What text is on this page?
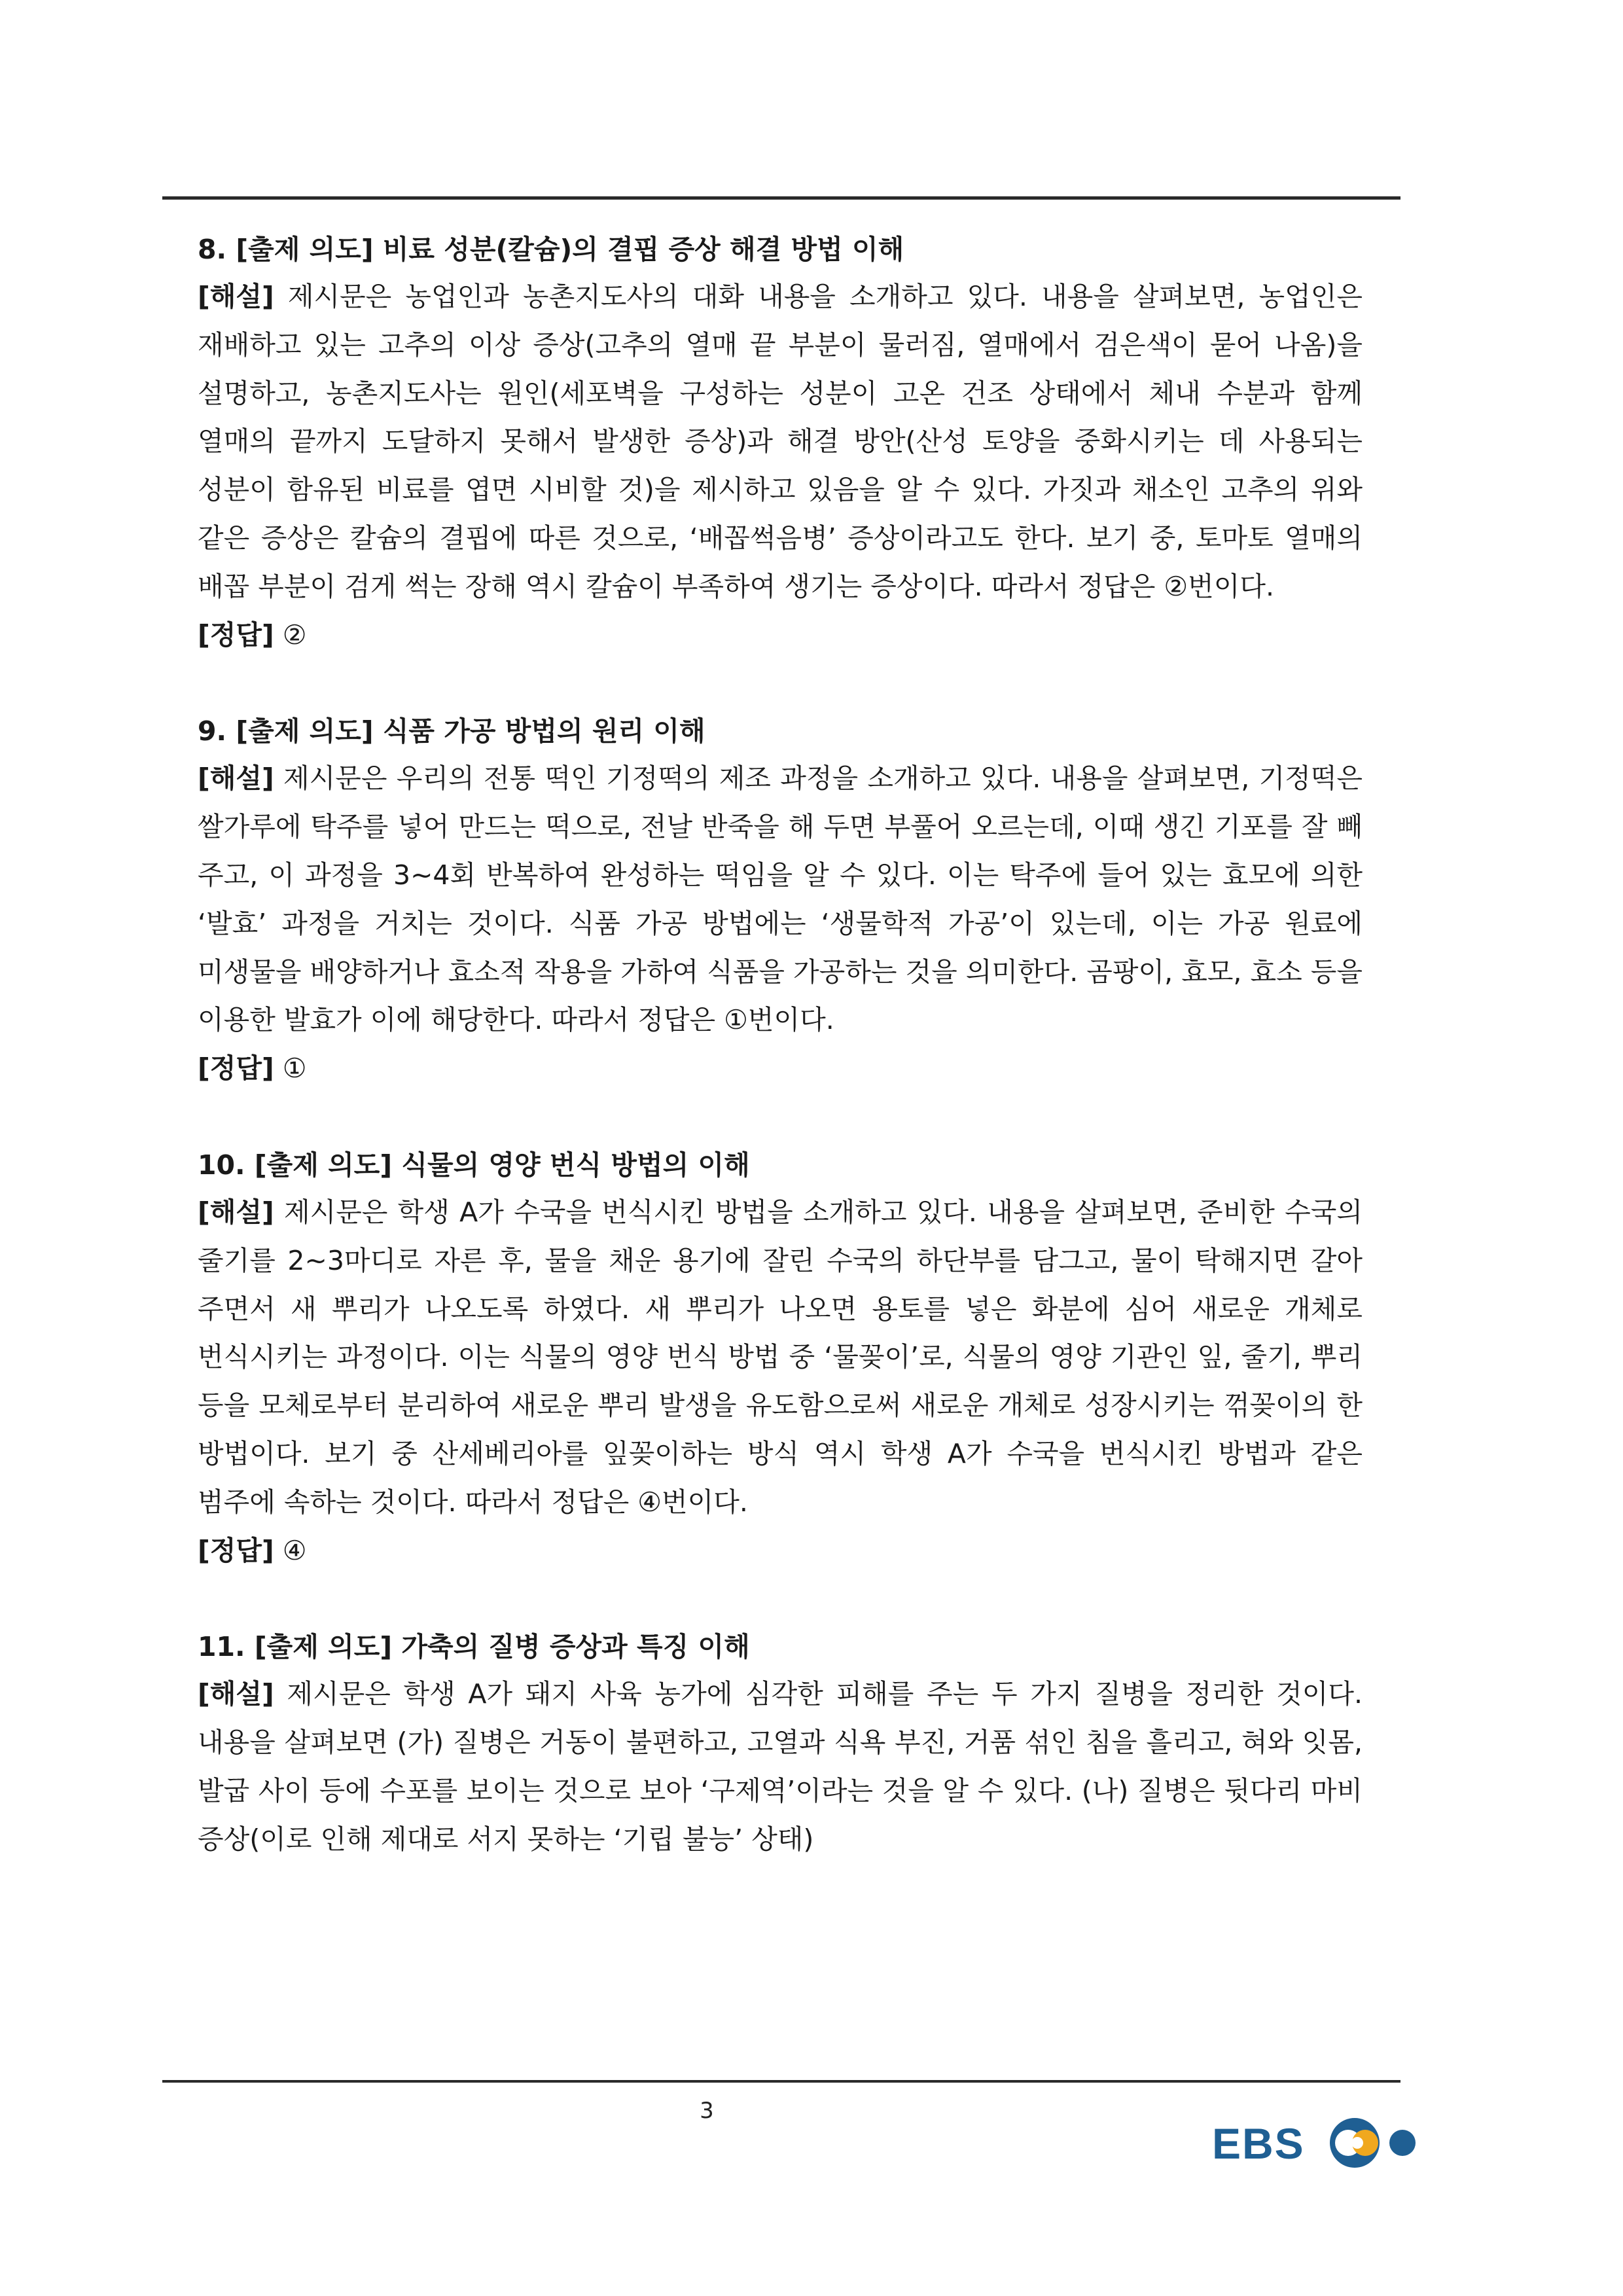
8. [출제 의도] 비료 성분(칼슘)의 결핍 증상 해결 방법 이해
[해설] 제시문은 농업인과 농촌지도사의 대화 내용을 소개하고 있다. 내용을 살펴보면, 농업인은 재배하고 있는 고추의 이상 증상(고추의 열매 끝 부분이 물러짐, 열매에서 검은색이 묻어 나옴)을 설명하고, 농촌지도사는 원인(세포벽을 구성하는 성분이 고온 건조 상태에서 체내 수분과 함께 열매의 끝까지 도달하지 못해서 발생한 증상)과 해결 방안(산성 토양을 중화시키는 데 사용되는 성분이 함유된 비료를 엽면 시비할 것)을 제시하고 있음을 알 수 있다. 가짓과 채소인 고추의 위와 같은 증상은 칼슘의 결핍에 따른 것으로, ‘배꼽썩음병’ 증상이라고도 한다. 보기 중, 토마토 열매의 배꼽 부분이 검게 썩는 장해 역시 칼슘이 부족하여 생기는 증상이다. 따라서 정답은 ②번이다.
[정답] ②
9. [출제 의도] 식품 가공 방법의 원리 이해
[해설] 제시문은 우리의 전통 떡인 기정떡의 제조 과정을 소개하고 있다. 내용을 살펴보면, 기정떡은 쌀가루에 탁주를 넣어 만드는 떡으로, 전날 반죽을 해 두면 부풀어 오르는데, 이때 생긴 기포를 잘 빼 주고, 이 과정을 3~4회 반복하여 완성하는 떡임을 알 수 있다. 이는 탁주에 들어 있는 효모에 의한 ‘발효’ 과정을 거치는 것이다. 식품 가공 방법에는 ‘생물학적 가공’이 있는데, 이는 가공 원료에 미생물을 배양하거나 효소적 작용을 가하여 식품을 가공하는 것을 의미한다. 곰팡이, 효모, 효소 등을 이용한 발효가 이에 해당한다. 따라서 정답은 ①번이다.
[정답] ①
10. [출제 의도] 식물의 영양 번식 방법의 이해
[해설] 제시문은 학생 A가 수국을 번식시킨 방법을 소개하고 있다. 내용을 살펴보면, 준비한 수국의 줄기를 2~3마디로 자른 후, 물을 채운 용기에 잘린 수국의 하단부를 담그고, 물이 탁해지면 갈아 주면서 새 뿌리가 나오도록 하였다. 새 뿌리가 나오면 용토를 넣은 화분에 심어 새로운 개체로 번식시키는 과정이다. 이는 식물의 영양 번식 방법 중 ‘물꽂이’로, 식물의 영양 기관인 잎, 줄기, 뿌리 등을 모체로부터 분리하여 새로운 뿌리 발생을 유도함으로써 새로운 개체로 성장시키는 꺾꽂이의 한 방법이다. 보기 중 산세베리아를 잎꽂이하는 방식 역시 학생 A가 수국을 번식시킨 방법과 같은 범주에 속하는 것이다. 따라서 정답은 ④번이다.
[정답] ④
11. [출제 의도] 가축의 질병 증상과 특징 이해
[해설] 제시문은 학생 A가 돼지 사육 농가에 심각한 피해를 주는 두 가지 질병을 정리한 것이다. 내용을 살펴보면 (가) 질병은 거동이 불편하고, 고열과 식욕 부진, 거품 섞인 침을 흘리고, 혀와 잇몸, 발굽 사이 등에 수포를 보이는 것으로 보아 ‘구제역’이라는 것을 알 수 있다. (나) 질병은 뒷다리 마비 증상(이로 인해 제대로 서지 못하는 ‘기립 불능’ 상태)
3
EBS
